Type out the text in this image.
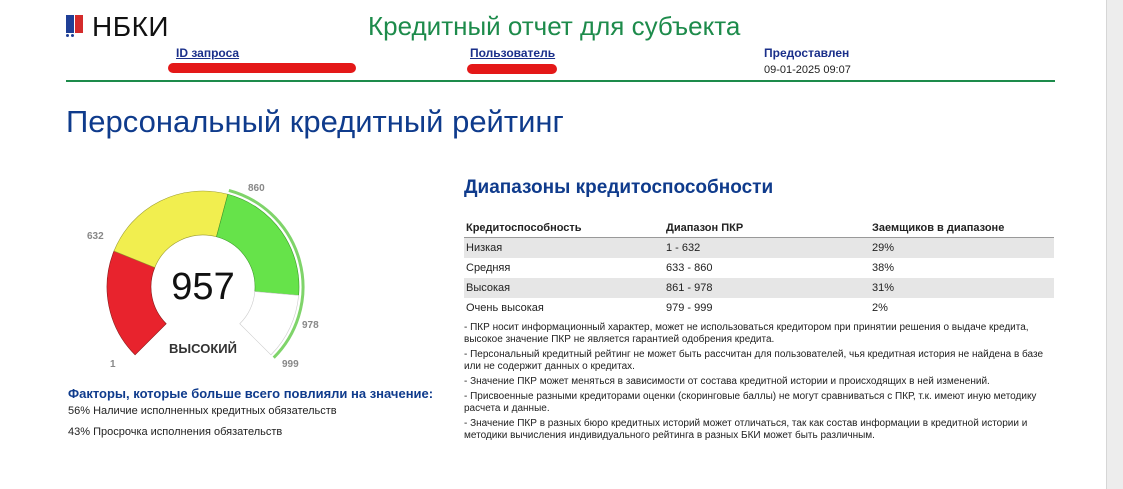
НБКИ	Кредитный отчет для субъекта
ID запроса	Пользователь	Предоставлен
09-01-2025 09:07
Персональный кредитный рейтинг
1
632
860
978
999
957
ВЫСОКИЙ
Факторы, которые больше всего повлияли на значение:
56% Наличие исполненных кредитных обязательств
43% Просрочка исполнения обязательств
Диапазоны кредитоспособности
Кредитоспособность	Диапазон ПКР	Заемщиков в диапазоне
Низкая	1 - 632	29%
Средняя	633 - 860	38%
Высокая	861 - 978	31%
Очень высокая	979 - 999	2%
- ПКР носит информационный характер, может не использоваться кредитором при принятии решения о выдаче кредита, высокое значение ПКР не является гарантией одобрения кредита.
- Персональный кредитный рейтинг не может быть рассчитан для пользователей, чья кредитная история не найдена в базе или не содержит данных о кредитах.
- Значение ПКР может меняться в зависимости от состава кредитной истории и происходящих в ней изменений.
- Присвоенные разными кредиторами оценки (скоринговые баллы) не могут сравниваться с ПКР, т.к. имеют иную методику расчета и данные.
- Значение ПКР в разных бюро кредитных историй может отличаться, так как состав информации в кредитной истории и методики вычисления индивидуального рейтинга в разных БКИ может быть различным.
